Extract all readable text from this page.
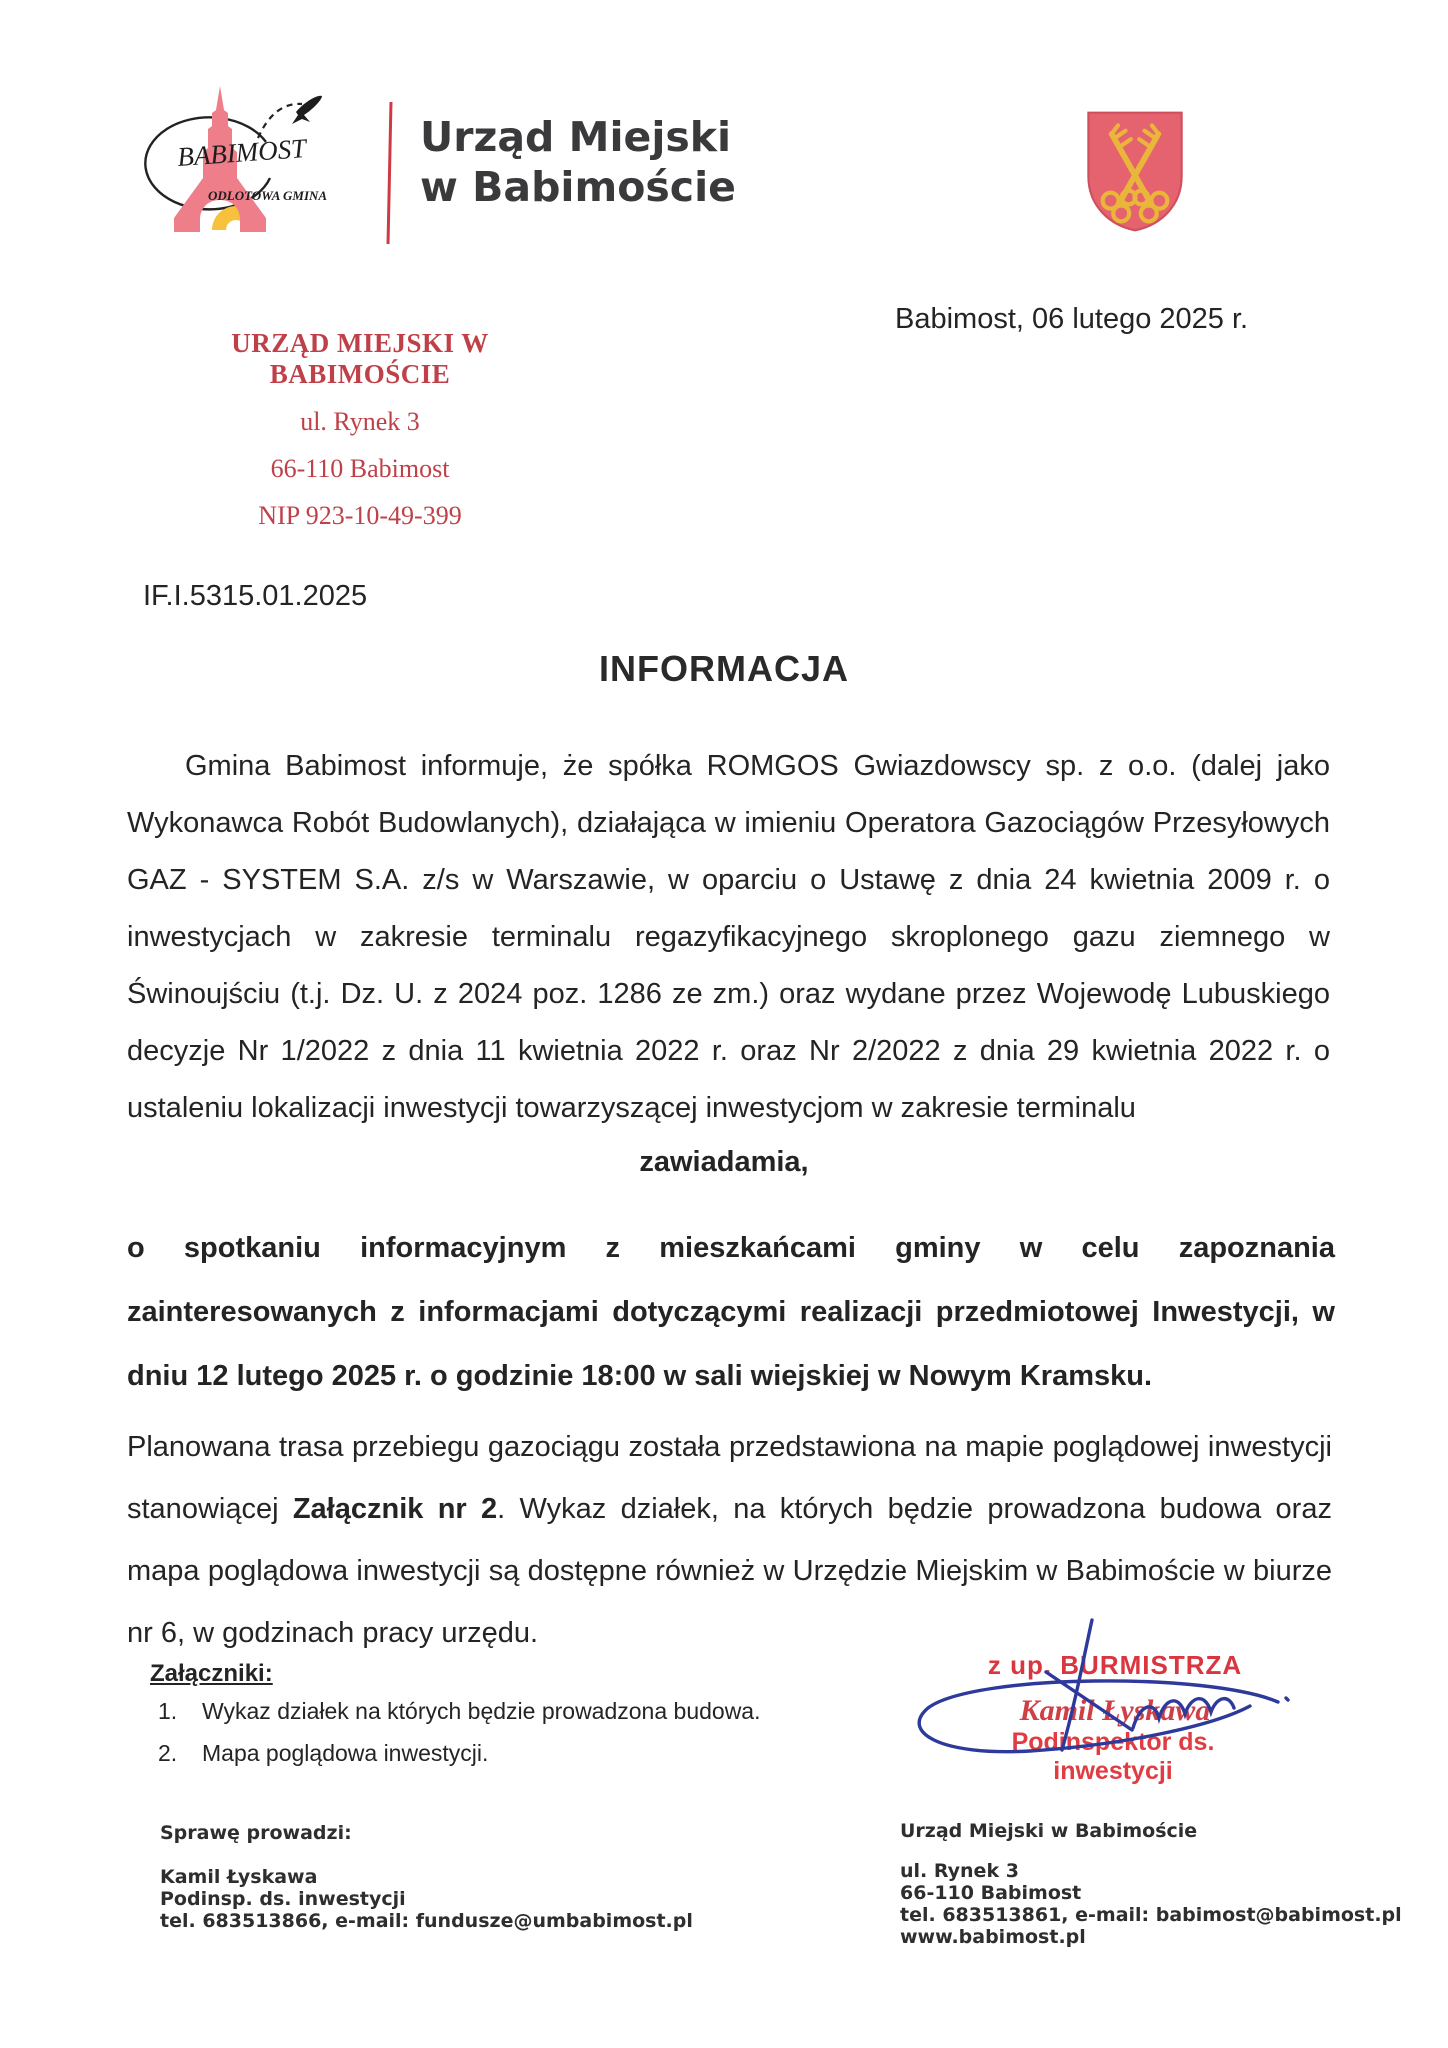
BABIMOST
ODLOTOWA GMINA
Urząd Miejski
w Babimoście
URZĄD MIEJSKI W BABIMOŚCIE
ul. Rynek 3
66-110 Babimost
NIP 923-10-49-399
Babimost, 06 lutego 2025 r.
IF.I.5315.01.2025
INFORMACJA
Gmina Babimost informuje, że spółka ROMGOS Gwiazdowscy sp. z o.o. (dalej jako Wykonawca Robót Budowlanych), działająca w imieniu Operatora Gazociągów Przesyłowych GAZ - SYSTEM S.A. z/s w Warszawie, w oparciu o Ustawę z dnia 24 kwietnia 2009 r. o inwestycjach w zakresie terminalu regazyfikacyjnego skroplonego gazu ziemnego w Świnoujściu (t.j. Dz. U. z 2024 poz. 1286 ze zm.) oraz wydane przez Wojewodę Lubuskiego decyzje Nr 1/2022 z dnia 11 kwietnia 2022 r. oraz Nr 2/2022 z dnia 29 kwietnia 2022 r. o ustaleniu lokalizacji inwestycji towarzyszącej inwestycjom w zakresie terminalu
zawiadamia,
o spotkaniu informacyjnym z mieszkańcami gminy w celu zapoznania zainteresowanych z informacjami dotyczącymi realizacji przedmiotowej Inwestycji, w dniu 12 lutego 2025 r. o godzinie 18:00 w sali wiejskiej w Nowym Kramsku.
Planowana trasa przebiegu gazociągu została przedstawiona na mapie poglądowej inwestycji stanowiącej Załącznik nr 2. Wykaz działek, na których będzie prowadzona budowa oraz mapa poglądowa inwestycji są dostępne również w Urzędzie Miejskim w Babimoście w biurze nr 6, w godzinach pracy urzędu.
Załączniki:
1. Wykaz działek na których będzie prowadzona budowa.
2. Mapa poglądowa inwestycji.
z up. BURMISTRZA
Kamil Łyskawa
Podinspektor ds. inwestycji
Sprawę prowadzi:
Kamil Łyskawa
Podinsp. ds. inwestycji
tel. 683513866, e-mail: fundusze@umbabimost.pl
Urząd Miejski w Babimoście
ul. Rynek 3
66-110 Babimost
tel. 683513861, e-mail: babimost@babimost.pl
www.babimost.pl
